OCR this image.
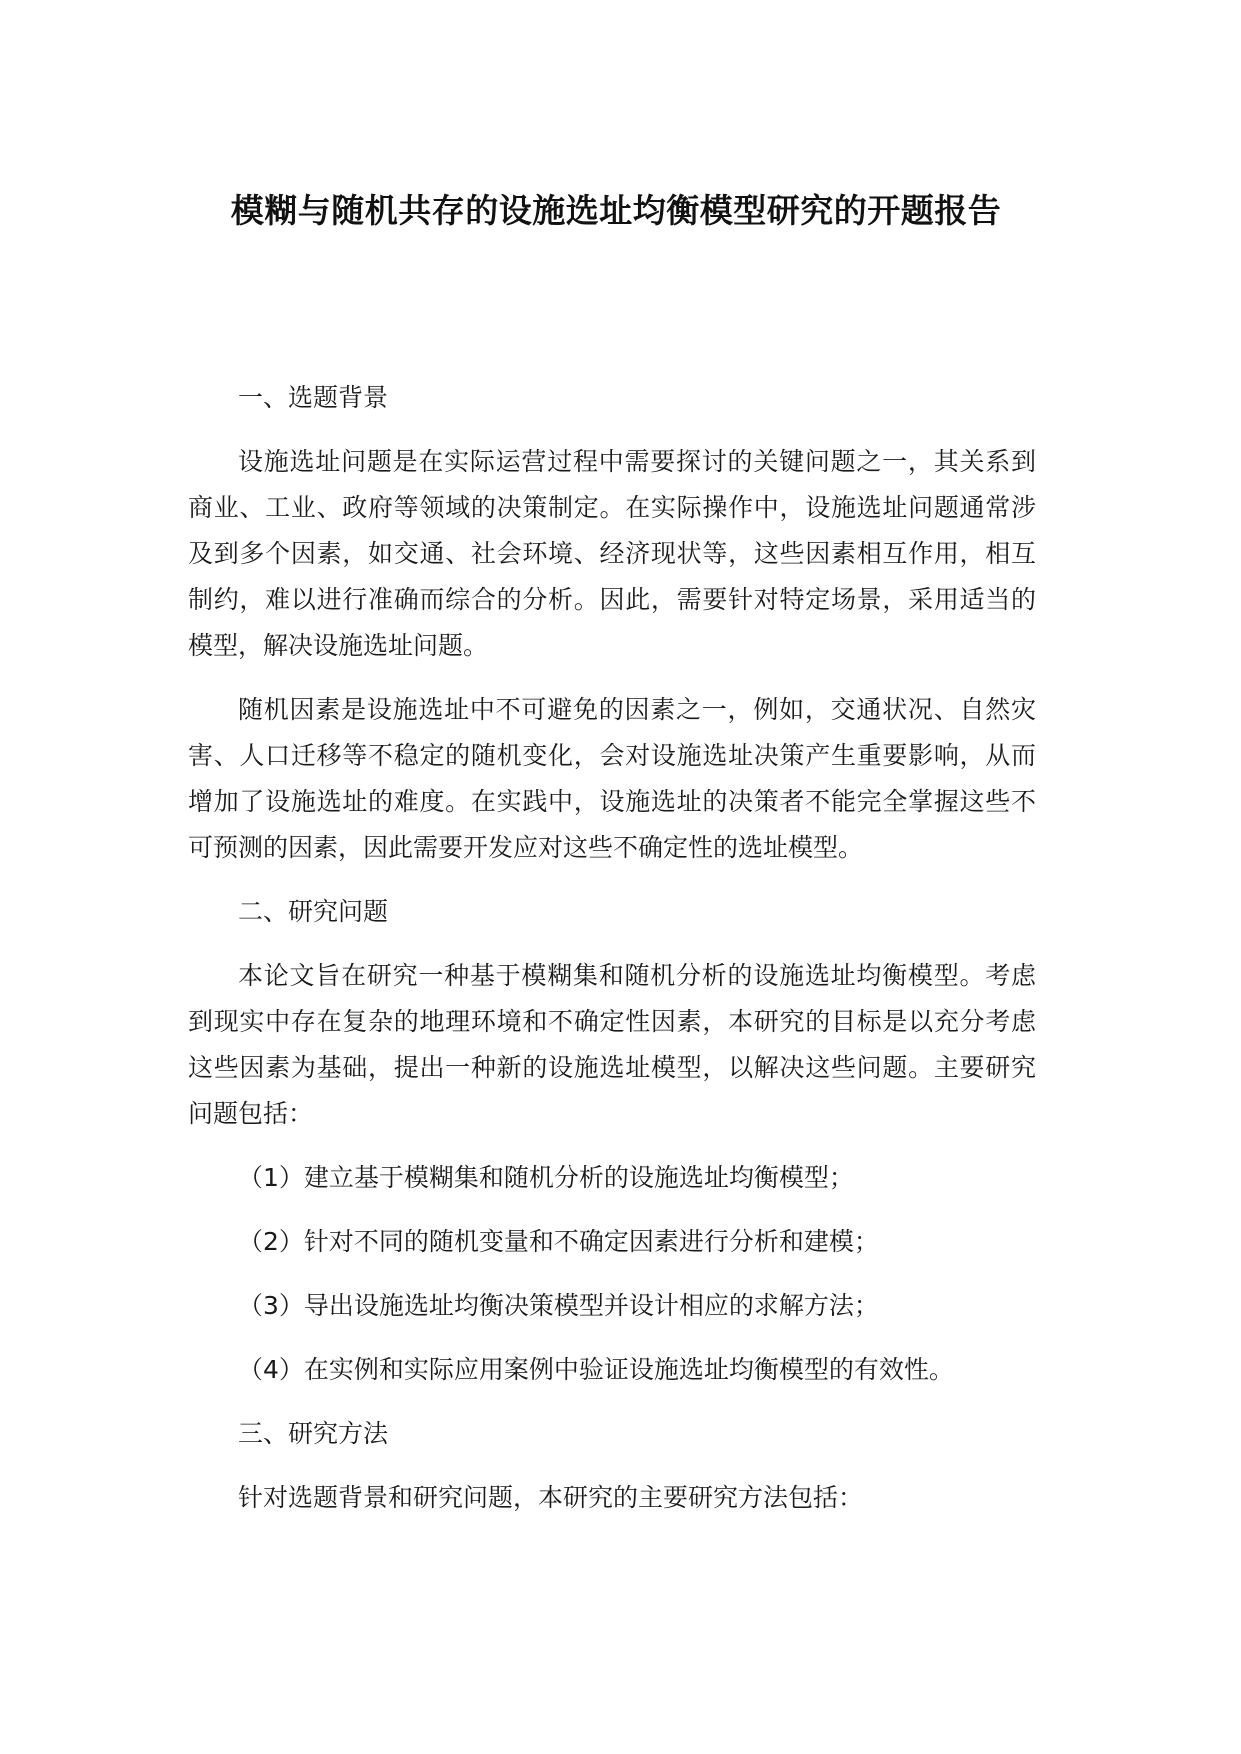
模糊与随机共存的设施选址均衡模型研究的开题报告

一、选题背景

设施选址问题是在实际运营过程中需要探讨的关键问题之一，其关系到商业、工业、政府等领域的决策制定。在实际操作中，设施选址问题通常涉及到多个因素，如交通、社会环境、经济现状等，这些因素相互作用，相互制约，难以进行准确而综合的分析。因此，需要针对特定场景，采用适当的模型，解决设施选址问题。

随机因素是设施选址中不可避免的因素之一，例如，交通状况、自然灾害、人口迁移等不稳定的随机变化，会对设施选址决策产生重要影响，从而增加了设施选址的难度。在实践中，设施选址的决策者不能完全掌握这些不可预测的因素，因此需要开发应对这些不确定性的选址模型。

二、研究问题

本论文旨在研究一种基于模糊集和随机分析的设施选址均衡模型。考虑到现实中存在复杂的地理环境和不确定性因素，本研究的目标是以充分考虑这些因素为基础，提出一种新的设施选址模型，以解决这些问题。主要研究问题包括：

（1）建立基于模糊集和随机分析的设施选址均衡模型；

（2）针对不同的随机变量和不确定因素进行分析和建模；

（3）导出设施选址均衡决策模型并设计相应的求解方法；

（4）在实例和实际应用案例中验证设施选址均衡模型的有效性。

三、研究方法

针对选题背景和研究问题，本研究的主要研究方法包括：
